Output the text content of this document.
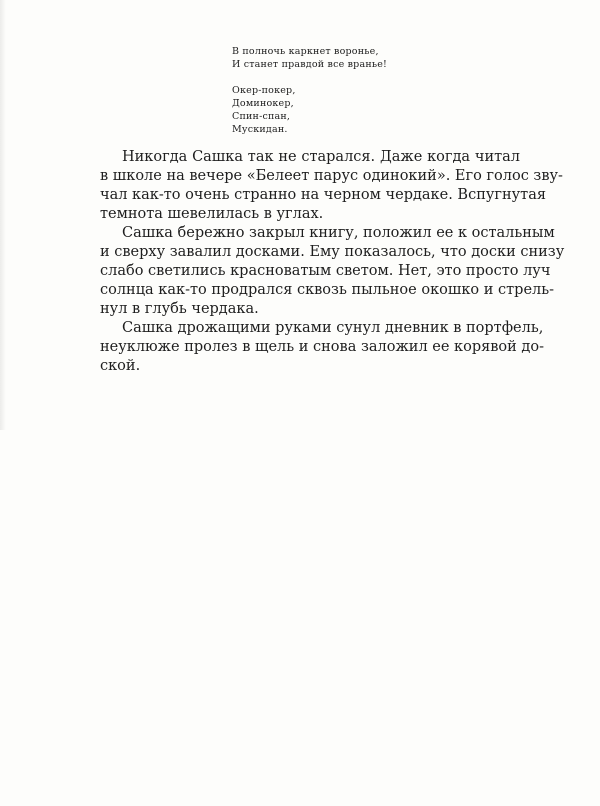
В полночь каркнет воронье,
И станет правдой все вранье!
Окер-покер,
Доминокер,
Спин-спан,
Мускидан.
Никогда Сашка так не старался. Даже когда читал
в школе на вечере «Белеет парус одинокий». Его голос зву-
чал как-то очень странно на черном чердаке. Вспугнутая
темнота шевелилась в углах.
Сашка бережно закрыл книгу, положил ее к остальным
и сверху завалил досками. Ему показалось, что доски снизу
слабо светились красноватым светом. Нет, это просто луч
солнца как-то продрался сквозь пыльное окошко и стрель-
нул в глубь чердака.
Сашка дрожащими руками сунул дневник в портфель,
неуклюже пролез в щель и снова заложил ее корявой до-
ской.
